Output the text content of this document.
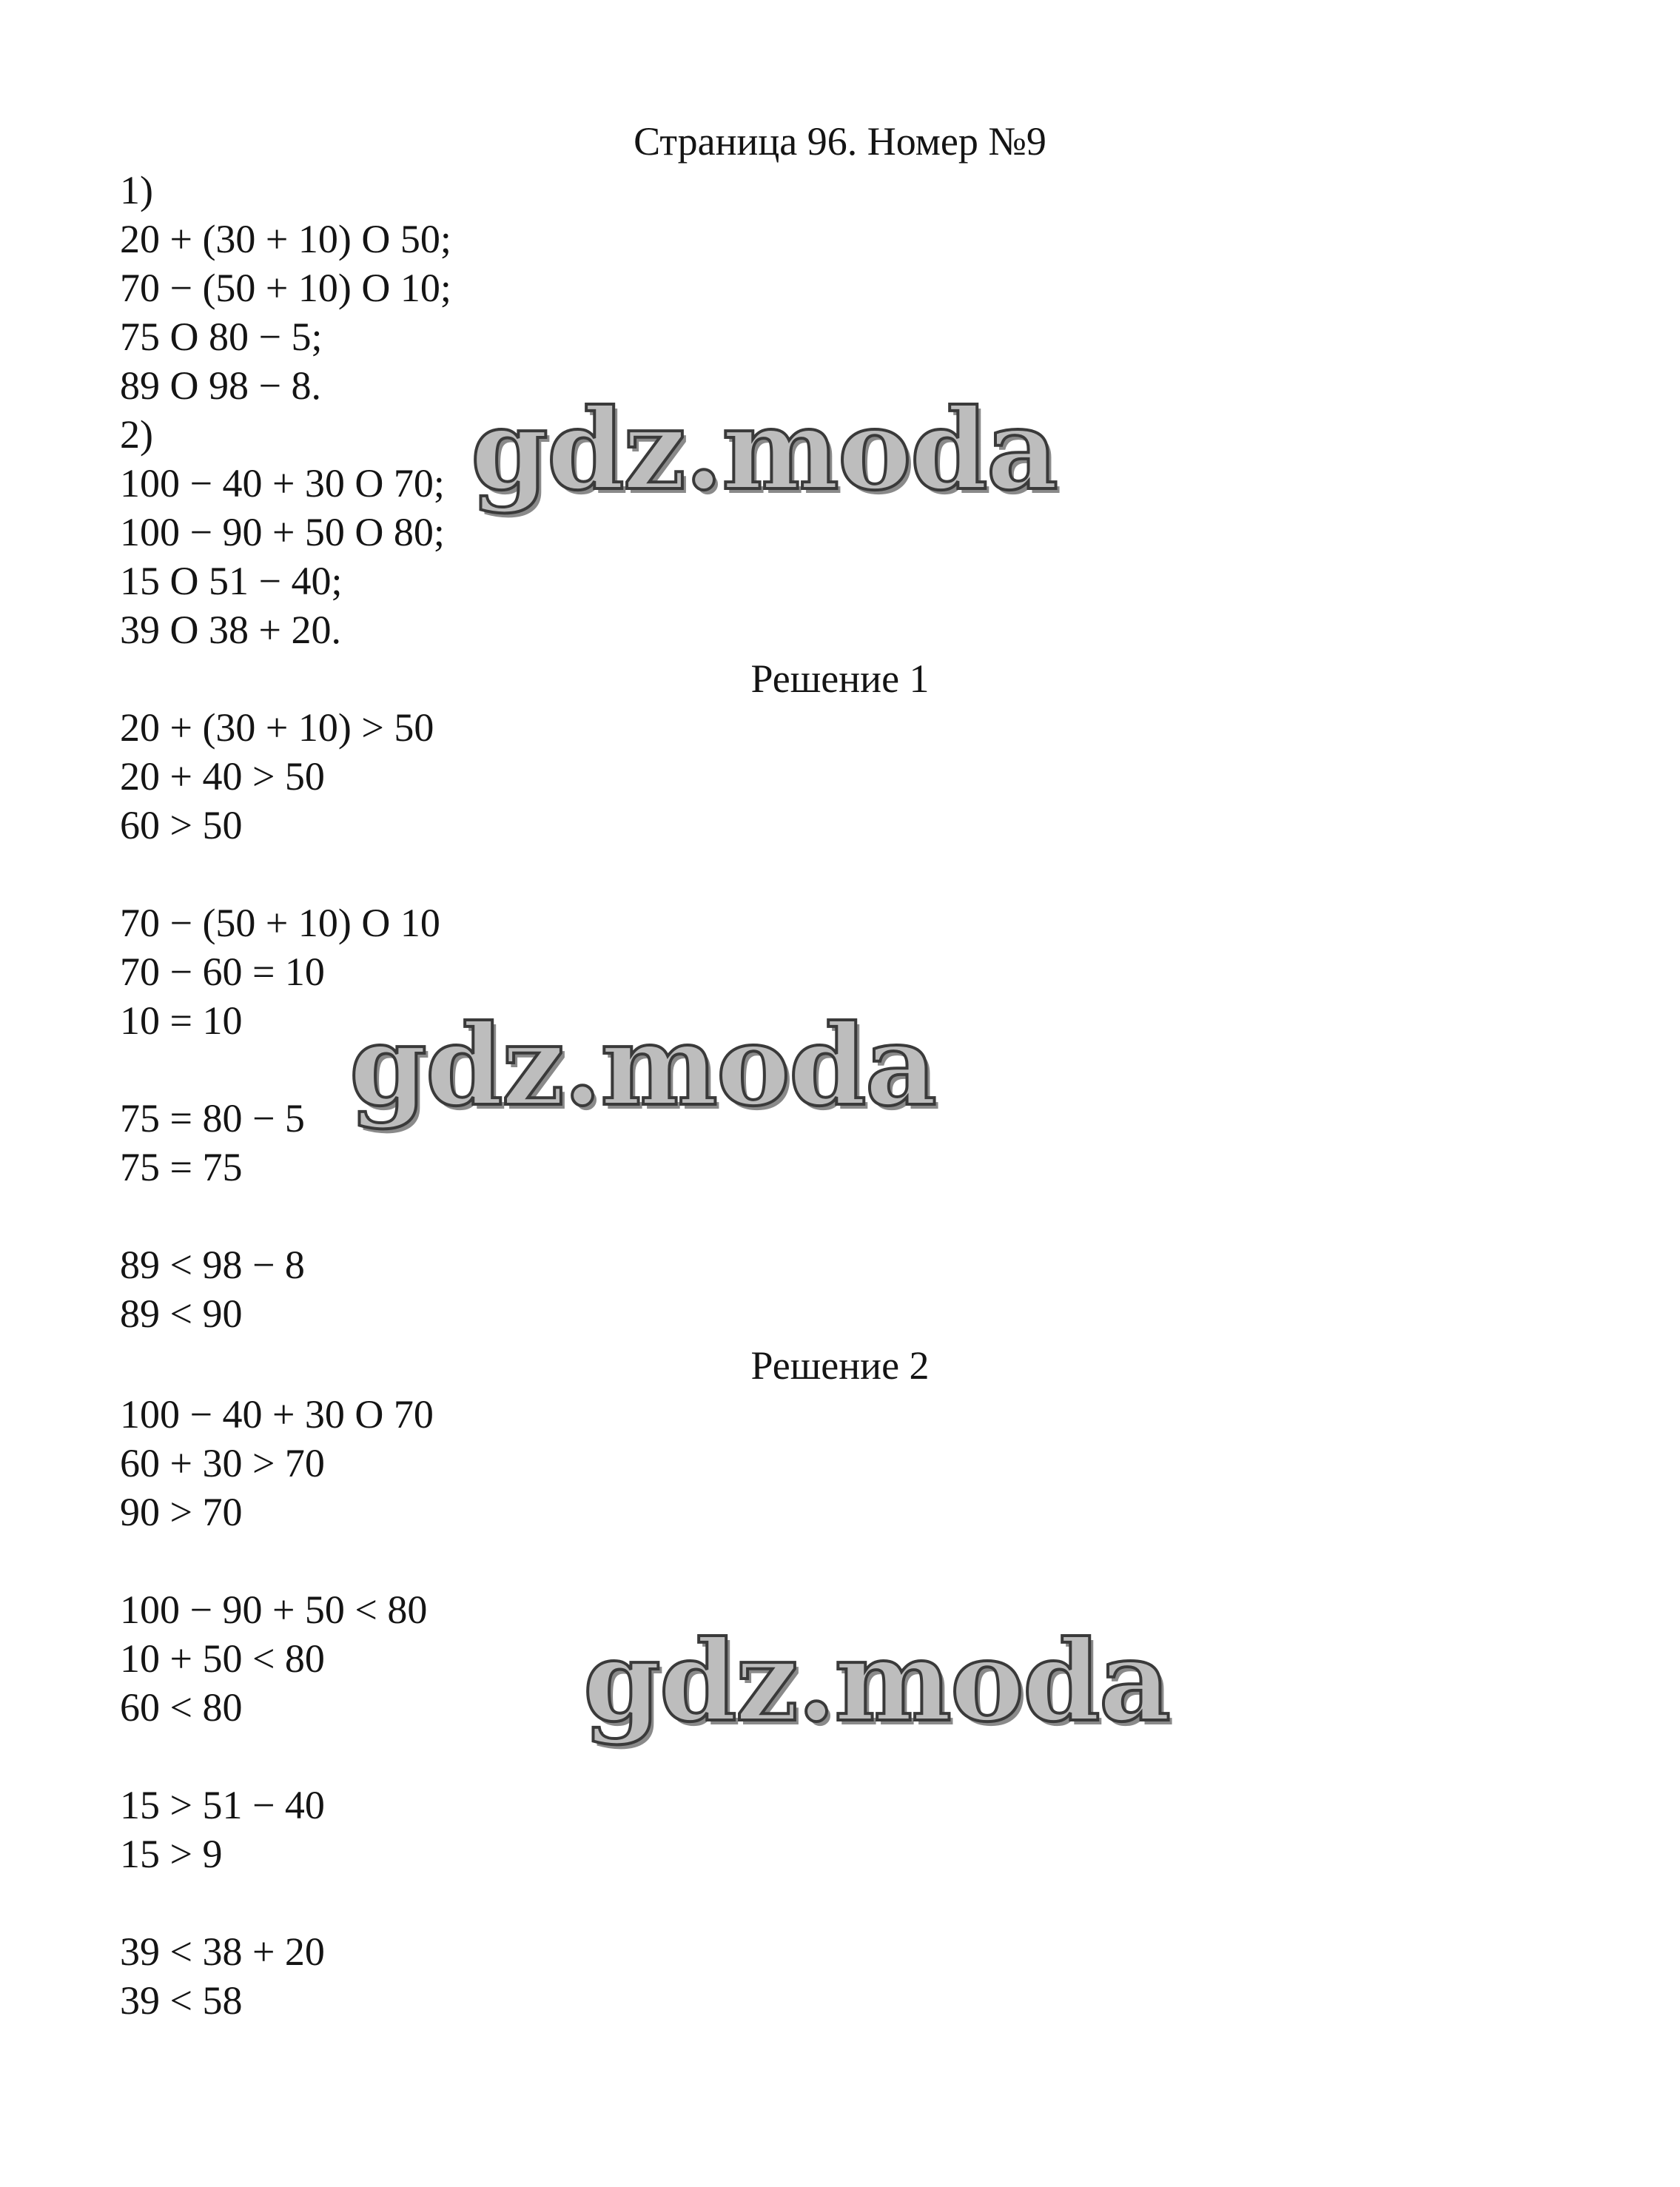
Страница 96. Номер №9
1)
20 + (30 + 10) O 50;
70 − (50 + 10) O 10;
75 O 80 − 5;
89 O 98 − 8.
2)
100 − 40 + 30 O 70;
100 − 90 + 50 O 80;
15 O 51 − 40;
39 O 38 + 20.
Решение 1
20 + (30 + 10) > 50
20 + 40 > 50
60 > 50
70 − (50 + 10) O 10
70 − 60 = 10
10 = 10
75 = 80 − 5
75 = 75
89 < 98 − 8
89 < 90
Решение 2
100 − 40 + 30 O 70
60 + 30 > 70
90 > 70
100 − 90 + 50 < 80
10 + 50 < 80
60 < 80
15 > 51 − 40
15 > 9
39 < 38 + 20
39 < 58
gdz.moda
gdz.moda
gdz.moda
